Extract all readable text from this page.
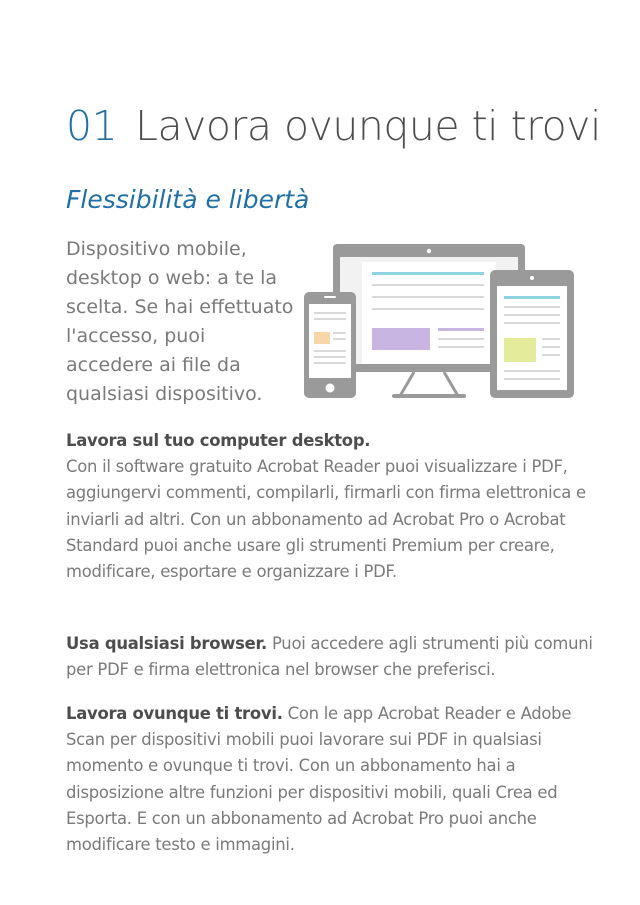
01 Lavora ovunque ti trovi
Flessibilità e libertà

Dispositivo mobile, desktop o web: a te la scelta. Se hai effettuato l'accesso, puoi accedere ai file da qualsiasi dispositivo.

Lavora sul tuo computer desktop.
Con il software gratuito Acrobat Reader puoi visualizzare i PDF, aggiungervi commenti, compilarli, firmarli con firma elettronica e inviarli ad altri. Con un abbonamento ad Acrobat Pro o Acrobat Standard puoi anche usare gli strumenti Premium per creare, modificare, esportare e organizzare i PDF.

Usa qualsiasi browser. Puoi accedere agli strumenti più comuni per PDF e firma elettronica nel browser che preferisci.

Lavora ovunque ti trovi. Con le app Acrobat Reader e Adobe Scan per dispositivi mobili puoi lavorare sui PDF in qualsiasi momento e ovunque ti trovi. Con un abbonamento hai a disposizione altre funzioni per dispositivi mobili, quali Crea ed Esporta. E con un abbonamento ad Acrobat Pro puoi anche modificare testo e immagini.
